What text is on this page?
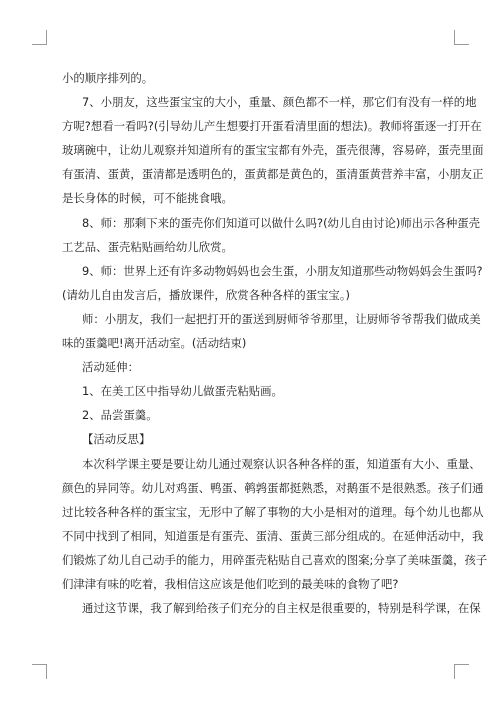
小的顺序排列的。
7、小朋友，这些蛋宝宝的大小，重量、颜色都不一样，那它们有没有一样的地
方呢?想看一看吗?(引导幼儿产生想要打开蛋看清里面的想法)。教师将蛋逐一打开在
玻璃碗中，让幼儿观察并知道所有的蛋宝宝都有外壳，蛋壳很薄，容易碎，蛋壳里面
有蛋清、蛋黄，蛋清都是透明色的，蛋黄都是黄色的，蛋清蛋黄营养丰富，小朋友正
是长身体的时候，可不能挑食哦。
8、师：那剩下来的蛋壳你们知道可以做什么吗?(幼儿自由讨论)师出示各种蛋壳
工艺品、蛋壳粘贴画给幼儿欣赏。
9、师：世界上还有许多动物妈妈也会生蛋，小朋友知道那些动物妈妈会生蛋吗?
(请幼儿自由发言后，播放课件，欣赏各种各样的蛋宝宝。)
师：小朋友，我们一起把打开的蛋送到厨师爷爷那里，让厨师爷爷帮我们做成美
味的蛋羹吧!离开活动室。(活动结束)
活动延伸：
1、在美工区中指导幼儿做蛋壳粘贴画。
2、品尝蛋羹。
【活动反思】
本次科学课主要是要让幼儿通过观察认识各种各样的蛋，知道蛋有大小、重量、
颜色的异同等。幼儿对鸡蛋、鸭蛋、鹌鹑蛋都挺熟悉，对鹅蛋不是很熟悉。孩子们通
过比较各种各样的蛋宝宝，无形中了解了事物的大小是相对的道理。每个幼儿也都从
不同中找到了相同，知道蛋是有蛋壳、蛋清、蛋黄三部分组成的。在延伸活动中，我
们锻炼了幼儿自己动手的能力，用碎蛋壳粘贴自己喜欢的图案;分享了美味蛋羹，孩子
们津津有味的吃着，我相信这应该是他们吃到的最美味的食物了吧?
通过这节课，我了解到给孩子们充分的自主权是很重要的，特别是科学课，在保
